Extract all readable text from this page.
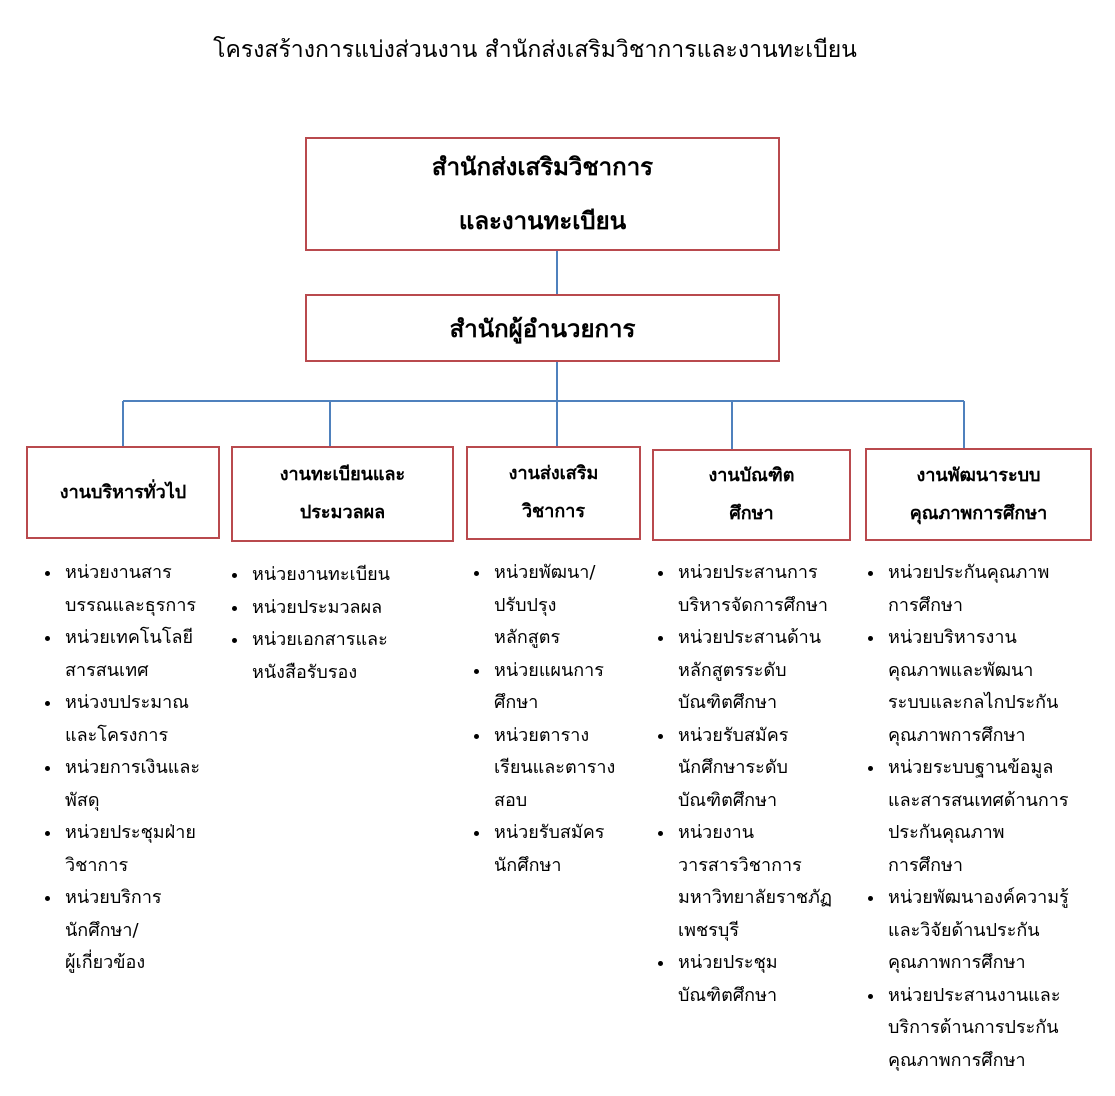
โครงสร้างการแบ่งส่วนงาน สำนักส่งเสริมวิชาการและงานทะเบียน
สำนักส่งเสริมวิชาการ
และงานทะเบียน
สำนักผู้อำนวยการ
งานบริหารทั่วไป
งานทะเบียนและ
ประมวลผล
งานส่งเสริม
วิชาการ
งานบัณฑิต
ศึกษา
งานพัฒนาระบบ
คุณภาพการศึกษา
หน่วยงานสาร
บรรณและธุรการ
หน่วยเทคโนโลยี
สารสนเทศ
หน่วงบประมาณ
และโครงการ
หน่วยการเงินและ
พัสดุ
หน่วยประชุมฝ่าย
วิชาการ
หน่วยบริการ
นักศึกษา/
ผู้เกี่ยวข้อง
หน่วยงานทะเบียน
หน่วยประมวลผล
หน่วยเอกสารและ
หนังสือรับรอง
หน่วยพัฒนา/
ปรับปรุง
หลักสูตร
หน่วยแผนการ
ศึกษา
หน่วยตาราง
เรียนและตาราง
สอบ
หน่วยรับสมัคร
นักศึกษา
หน่วยประสานการ
บริหารจัดการศึกษา
หน่วยประสานด้าน
หลักสูตรระดับ
บัณฑิตศึกษา
หน่วยรับสมัคร
นักศึกษาระดับ
บัณฑิตศึกษา
หน่วยงาน
วารสารวิชาการ
มหาวิทยาลัยราชภัฏ
เพชรบุรี
หน่วยประชุม
บัณฑิตศึกษา
หน่วยประกันคุณภาพ
การศึกษา
หน่วยบริหารงาน
คุณภาพและพัฒนา
ระบบและกลไกประกัน
คุณภาพการศึกษา
หน่วยระบบฐานข้อมูล
และสารสนเทศด้านการ
ประกันคุณภาพ
การศึกษา
หน่วยพัฒนาองค์ความรู้
และวิจัยด้านประกัน
คุณภาพการศึกษา
หน่วยประสานงานและ
บริการด้านการประกัน
คุณภาพการศึกษา
